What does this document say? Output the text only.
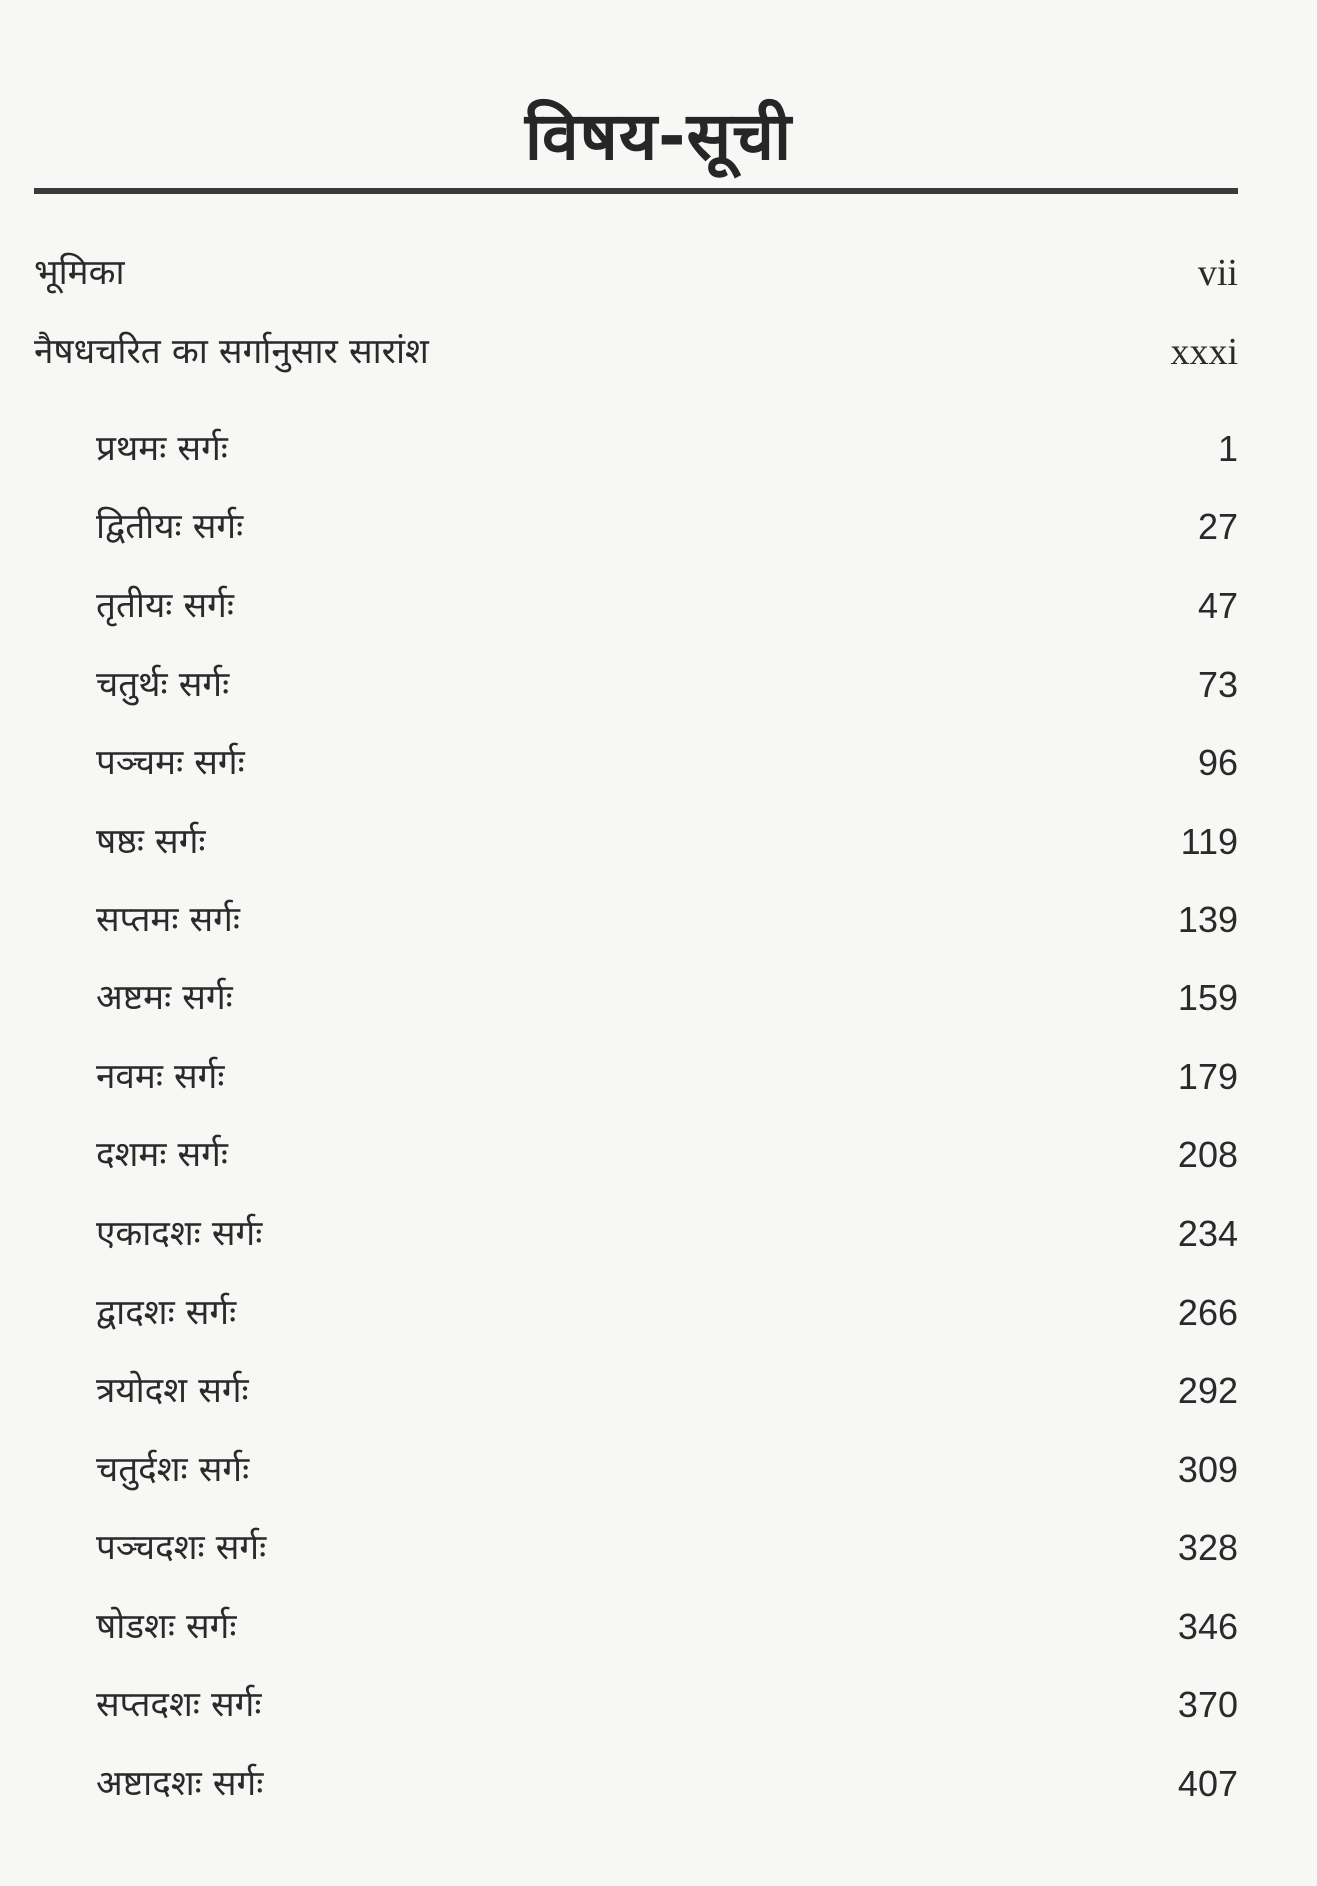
विषय-सूची
भूमिका	vii
नैषधचरित का सर्गानुसार सारांश	xxxi
प्रथमः सर्गः	1
द्वितीयः सर्गः	27
तृतीयः सर्गः	47
चतुर्थः सर्गः	73
पञ्चमः सर्गः	96
षष्ठः सर्गः	119
सप्तमः सर्गः	139
अष्टमः सर्गः	159
नवमः सर्गः	179
दशमः सर्गः	208
एकादशः सर्गः	234
द्वादशः सर्गः	266
त्रयोदश सर्गः	292
चतुर्दशः सर्गः	309
पञ्चदशः सर्गः	328
षोडशः सर्गः	346
सप्तदशः सर्गः	370
अष्टादशः सर्गः	407
